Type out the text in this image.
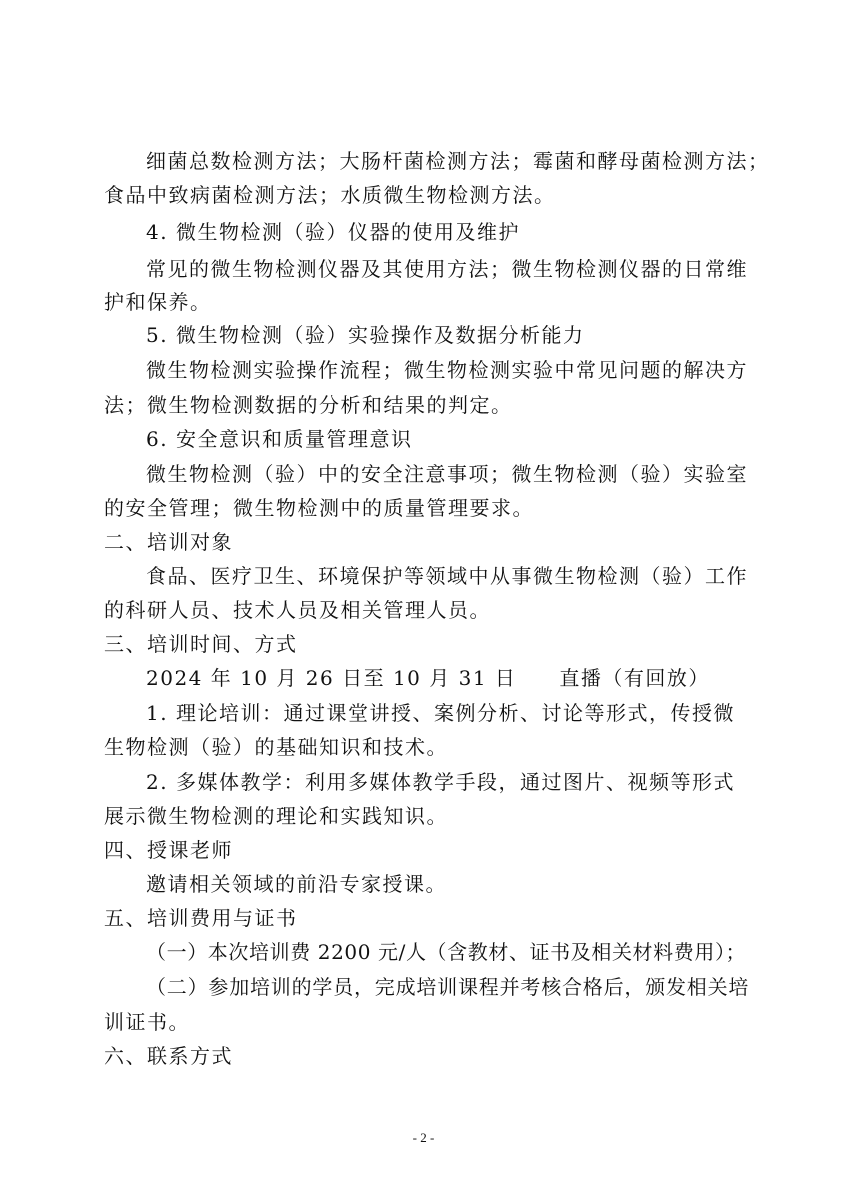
细菌总数检测方法；大肠杆菌检测方法；霉菌和酵母菌检测方法；
食品中致病菌检测方法；水质微生物检测方法。
4. 微生物检测（验）仪器的使用及维护
常见的微生物检测仪器及其使用方法；微生物检测仪器的日常维
护和保养。
5. 微生物检测（验）实验操作及数据分析能力
微生物检测实验操作流程；微生物检测实验中常见问题的解决方
法；微生物检测数据的分析和结果的判定。
6. 安全意识和质量管理意识
微生物检测（验）中的安全注意事项；微生物检测（验）实验室
的安全管理；微生物检测中的质量管理要求。
二、培训对象
食品、医疗卫生、环境保护等领域中从事微生物检测（验）工作
的科研人员、技术人员及相关管理人员。
三、培训时间、方式
2024 年 10 月 26 日至 10 月 31 日　　直播（有回放）
1. 理论培训：通过课堂讲授、案例分析、讨论等形式，传授微
生物检测（验）的基础知识和技术。
2. 多媒体教学：利用多媒体教学手段，通过图片、视频等形式
展示微生物检测的理论和实践知识。
四、授课老师
邀请相关领域的前沿专家授课。
五、培训费用与证书
（一）本次培训费 2200 元/人（含教材、证书及相关材料费用）；
（二）参加培训的学员，完成培训课程并考核合格后，颁发相关培
训证书。
六、联系方式
- 2 -
